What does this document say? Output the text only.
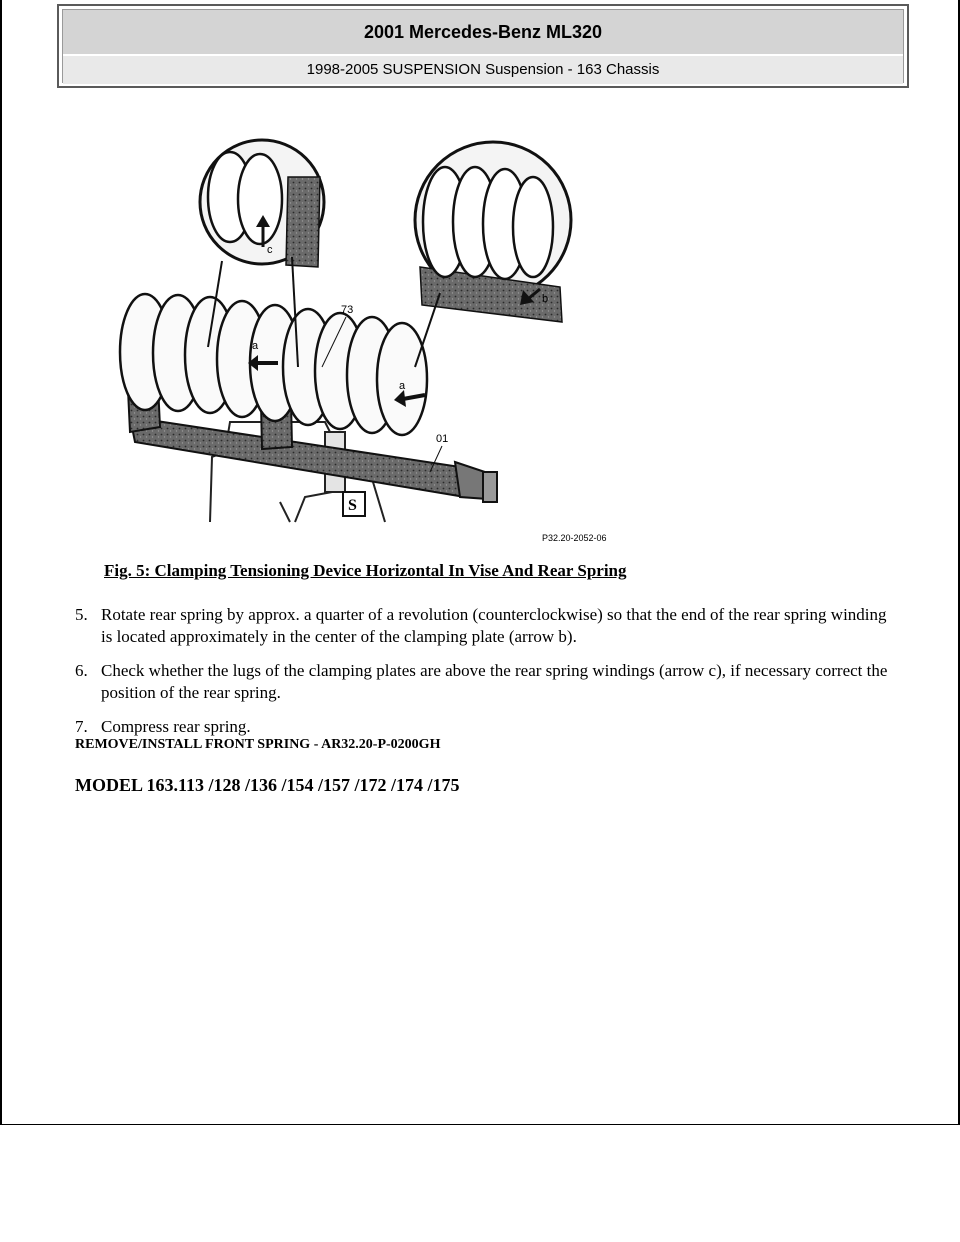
2001 Mercedes-Benz ML320
1998-2005 SUSPENSION Suspension - 163 Chassis
c
b
a
a
73
01
S
P32.20-2052-06
Fig. 5: Clamping Tensioning Device Horizontal In Vise And Rear Spring
5. Rotate rear spring by approx. a quarter of a revolution (counterclockwise) so that the end of the rear spring winding is located approximately in the center of the clamping plate (arrow b).
6. Check whether the lugs of the clamping plates are above the rear spring windings (arrow c), if necessary correct the position of the rear spring.
7. Compress rear spring.
REMOVE/INSTALL FRONT SPRING - AR32.20-P-0200GH
MODEL 163.113 /128 /136 /154 /157 /172 /174 /175
